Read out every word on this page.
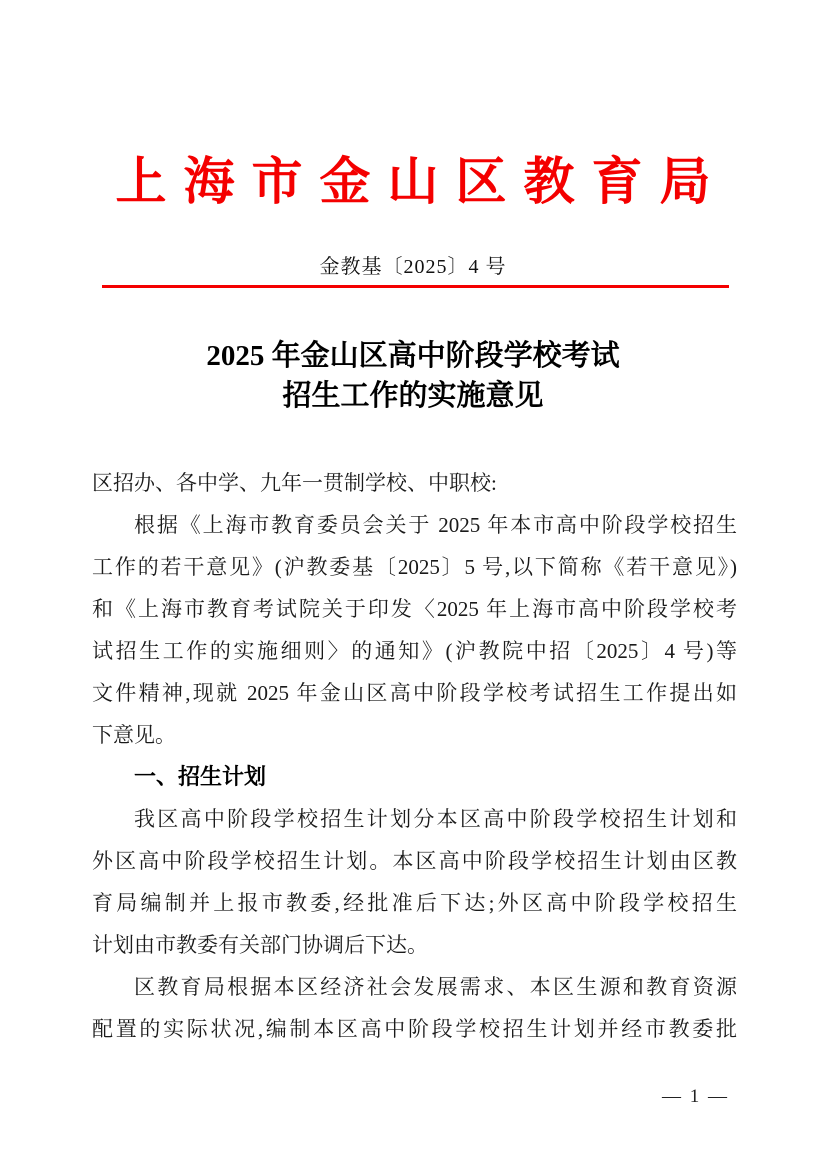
上海市金山区教育局
金教基〔2025〕4 号
2025 年金山区高中阶段学校考试
招生工作的实施意见

区招办、各中学、九年一贯制学校、中职校:

根据《上海市教育委员会关于 2025 年本市高中阶段学校招生

工作的若干意见》(沪教委基〔2025〕5 号,以下简称《若干意见》)

和《上海市教育考试院关于印发〈2025 年上海市高中阶段学校考

试招生工作的实施细则〉的通知》(沪教院中招〔2025〕4 号)等

文件精神,现就 2025 年金山区高中阶段学校考试招生工作提出如

下意见。

一、招生计划

我区高中阶段学校招生计划分本区高中阶段学校招生计划和

外区高中阶段学校招生计划。本区高中阶段学校招生计划由区教

育局编制并上报市教委,经批准后下达;外区高中阶段学校招生

计划由市教委有关部门协调后下达。

区教育局根据本区经济社会发展需求、本区生源和教育资源

配置的实际状况,编制本区高中阶段学校招生计划并经市教委批

— 1 —
